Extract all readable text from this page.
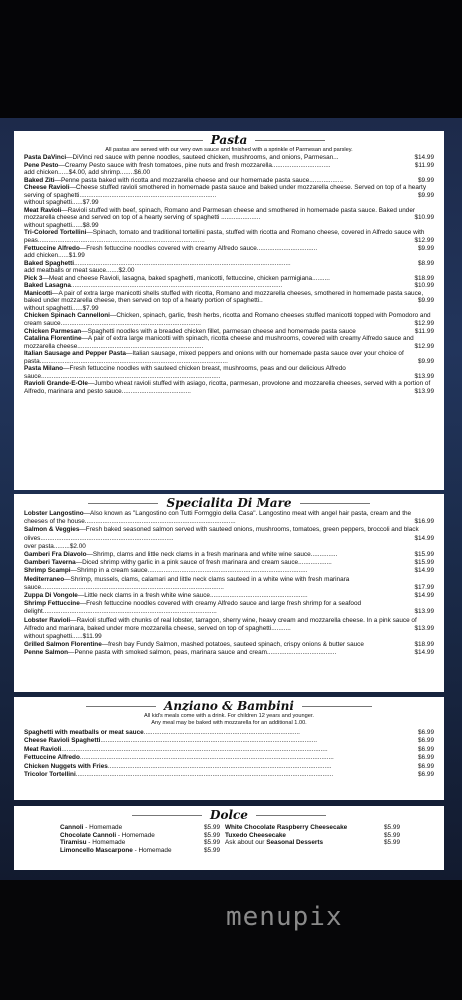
Pasta
All pastas are served with our very own sauce and finished with a sprinkle of Parmesan and parsley.
Pasta DaVinci—DiVinci red sauce with penne noodles, sauteed chicken, mushrooms, and onions, Parmesan...	$14.99
Pene Pesto—Creamy Pesto sauce with fresh tomatoes, pine nuts and fresh mozzarella.................................	$11.99
add chicken......$4.00, add shrimp........$6.00
Baked Ziti—Penne pasta baked with ricotta and mozzarella cheese and our homemade pasta sauce...................	$9.99
Cheese Ravioli—Cheese stuffed ravioli smothered in homemade pasta sauce and baked under mozzarella cheese. Served on top of a hearty serving of spaghetti.............................................................................	$9.99
without spaghetti......$7.99
Meat Ravioli—Ravioli stuffed with beef, spinach, Romano and Parmesan cheese and smothered in homemade pasta sauce. Baked under mozzarella cheese and served on top of a hearty serving of spaghetti ......................	$10.99
without spaghetti......$8.99
Tri-Colored Tortellini—Spinach, tomato and traditional tortellini pasta, stuffed with ricotta and Romano cheese, covered in Alfredo sauce with peas..............................................................................................	$12.99
Fettuccine Alfredo—Fresh fettuccine noodles covered with creamy Alfredo sauce..................................	$9.99
add chicken......$1.99
Baked Spaghetti..........................................................................................................................	$8.99
add meatballs or meat sauce.......$2.00
Pick 3—Meat and cheese Ravioli, lasagna, baked spaghetti, manicotti, fettuccine, chicken parmigiana..........	$18.99
Baked Lasagna.......................................................................................................................	$10.99
Manicotti—A pair of extra large manicotti shells stuffed with ricotta, Romano and mozzarella cheeses, smothered in homemade pasta sauce, baked under mozzarella cheese, then served on top of a hearty portion of spaghetti..	$9.99
without spaghetti......$7.99
Chicken Spinach Cannelloni—Chicken, spinach, garlic, fresh herbs, ricotta and Romano cheeses stuffed manicotti topped with Pomodoro and cream sauce...............................................................................	$12.99
Chicken Parmesan—Spaghetti noodles with a breaded chicken fillet, parmesan cheese and homemade pasta sauce	$11.99
Catalina Florentine—A pair of extra large manicotti with spinach, ricotta cheese and mushrooms, covered with creamy Alfredo sauce and mozzarella cheese.......................................................................	$12.99
Italian Sausage and Pepper Pasta—Italian sausage, mixed peppers and onions with our homemade pasta sauce over your choice of pasta..........................................................................................................	$9.99
Pasta Milano—Fresh fettuccine noodles with sauteed chicken breast, mushrooms, peas and our delicious Alfredo sauce.....................................................................................................	$13.99
Ravioli Grande-E-Ole—Jumbo wheat ravioli stuffed with asiago, ricotta, parmesan, provolone and mozzarella cheeses, served with a portion of Alfredo, marinara and pesto sauce.......................................	$13.99
Specialita Di Mare
Lobster Langostino—Also known as "Langostino con Tutti Formggio della Casa". Langostino meat with angel hair pasta, cream and the cheeses of the house.....................................................................................	$16.99
Salmon & Veggies—Fresh baked seasoned salmon served with sauteed onions, mushrooms, tomatoes, green peppers, broccoli and black olives...........................................................................	$14.99
over pasta.........$2.00
Gamberi Fra Diavolo—Shrimp, clams and little neck clams in a fresh marinara and white wine sauce...............	$15.99
Gamberi Taverna—Diced shrimp withy garlic in a pink sauce of fresh marinara and cream sauce...................	$15.99
Shrimp Scampi—Shrimp in a cream sauce..........................................................................................	$14.99
Mediterraneo—Shrimp, mussels, clams, calamari and little neck clams sauteed in a white wine with fresh marinara sauce.......................................................................................................	$17.99
Zuppa Di Vongole—Little neck clams in a fresh white wine sauce.......................................................	$14.99
Shrimp Fettuccine—Fresh fettuccine noodles covered with creamy Alfredo sauce and large fresh shrimp for a seafood delight..................................................................................................	$13.99
Lobster Ravioli—Ravioli stuffed with chunks of real lobster, tarragon, sherry wine, heavy cream and mozzarella cheese. In a pink sauce of Alfredo and marinara, baked under more mozzarella cheese, served on top of spaghetti...........	$13.99
without spaghetti......$11.99
Grilled Salmon Florentine—fresh bay Fundy Salmon, mashed potatoes, sauteed spinach, crispy onions & butter sauce	$18.99
Penne Salmon—Penne pasta with smoked salmon, peas, marinara sauce and cream.......................................	$14.99
Anziano & Bambini
All kid's meals come with a drink. For children 12 years and younger.
Any meal may be baked with mozzarella for an additional 1.00.
Spaghetti with meatballs or meat sauce........................................................................................	$6.99
Cheese Ravioli Spaghetti..........................................................................................................................	$6.99
Meat Ravioli......................................................................................................................................................	$6.99
Fettuccine Alfredo...............................................................................................................................................	$6.99
Chicken Nuggets with Fries..............................................................................................................................	$6.99
Tricolor Tortellini.................................................................................................................................................	$6.99
Dolce
Cannoli - Homemade	$5.99
Chocolate Cannoli - Homemade	$5.99
Tiramisu - Homemade	$5.99
Limoncello Mascarpone - Homemade	$5.99
White Chocolate Raspberry Cheesecake	$5.99
Tuxedo Cheesecake	$5.99
Ask about our Seasonal Desserts	$5.99
menupix
